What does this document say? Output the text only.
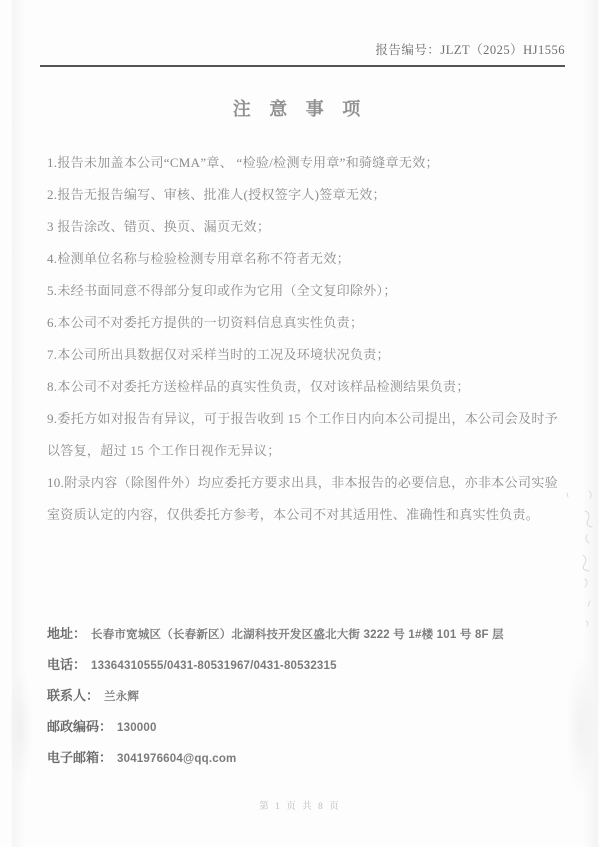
报告编号：JLZT（2025）HJ1556
注 意 事 项

1.报告未加盖本公司“CMA”章、 “检验/检测专用章”和骑缝章无效；

2.报告无报告编写、审核、批准人(授权签字人)签章无效；

3 报告涂改、错页、换页、漏页无效；

4.检测单位名称与检验检测专用章名称不符者无效；

5.未经书面同意不得部分复印或作为它用（全文复印除外）；

6.本公司不对委托方提供的一切资料信息真实性负责；

7.本公司所出具数据仅对采样当时的工况及环境状况负责；

8.本公司不对委托方送检样品的真实性负责，仅对该样品检测结果负责；

9.委托方如对报告有异议，可于报告收到 15 个工作日内向本公司提出，本公司会及时予以答复，超过 15 个工作日视作无异议；

10.附录内容（除图件外）均应委托方要求出具，非本报告的必要信息，亦非本公司实验室资质认定的内容，仅供委托方参考，本公司不对其适用性、准确性和真实性负责。

地址： 长春市宽城区（长春新区）北湖科技开发区盛北大街 3222 号 1#楼 101 号 8F 层

电话： 13364310555/0431-80531967/0431-80532315

联系人： 兰永辉

邮政编码： 130000

电子邮箱： 3041976604@qq.com

第 1 页 共 8 页
